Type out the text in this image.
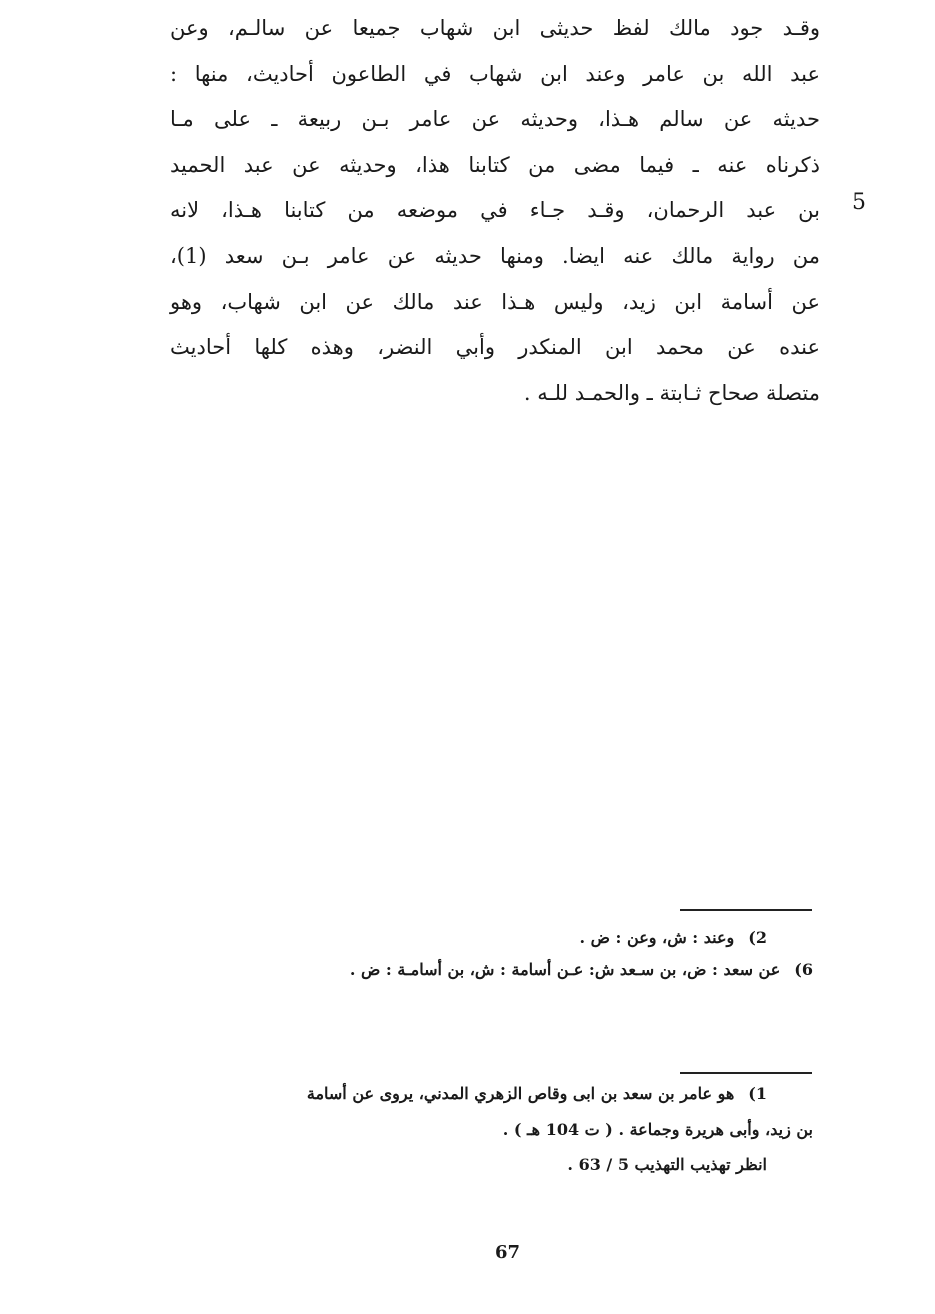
وقـد جود مالك لفظ حديثى ابن شهاب جميعا عن سالـم، وعن
عبد الله بن عامر وعند ابن شهاب في الطاعون أحاديث، منها :
حديثه عن سالم هـذا، وحديثه عن عامر بـن ربيعة ـ على مـا
ذكرناه عنه ـ فيما مضى من كتابنا هذا، وحديثه عن عبد الحميد
بن عبد الرحمان، وقـد جـاء في موضعه من كتابنا هـذا، لانه
من رواية مالك عنه ايضا. ومنها حديثه عن عامر بـن سعد (1)،
عن أسامة ابن زيد، وليس هـذا عند مالك عن ابن شهاب، وهو
عنده عن محمد ابن المنكدر وأبي النضر، وهذه كلها أحاديث
متصلة صحاح ثـابتة ـ والحمـد للـه .
5
2)وعند : ش، وعن : ض .
6)عن سعد : ض، بن سـعد ش: عـن أسامة : ش، بن أسامـة : ض .
1)هو عامر بن سعد بن ابى وقاص الزهري المدني، يروى عن أسامة
بن زيد، وأبى هريرة وجماعة . ( ت 104 هـ ) .
انظر تهذيب التهذيب 5 / 63 .
67
